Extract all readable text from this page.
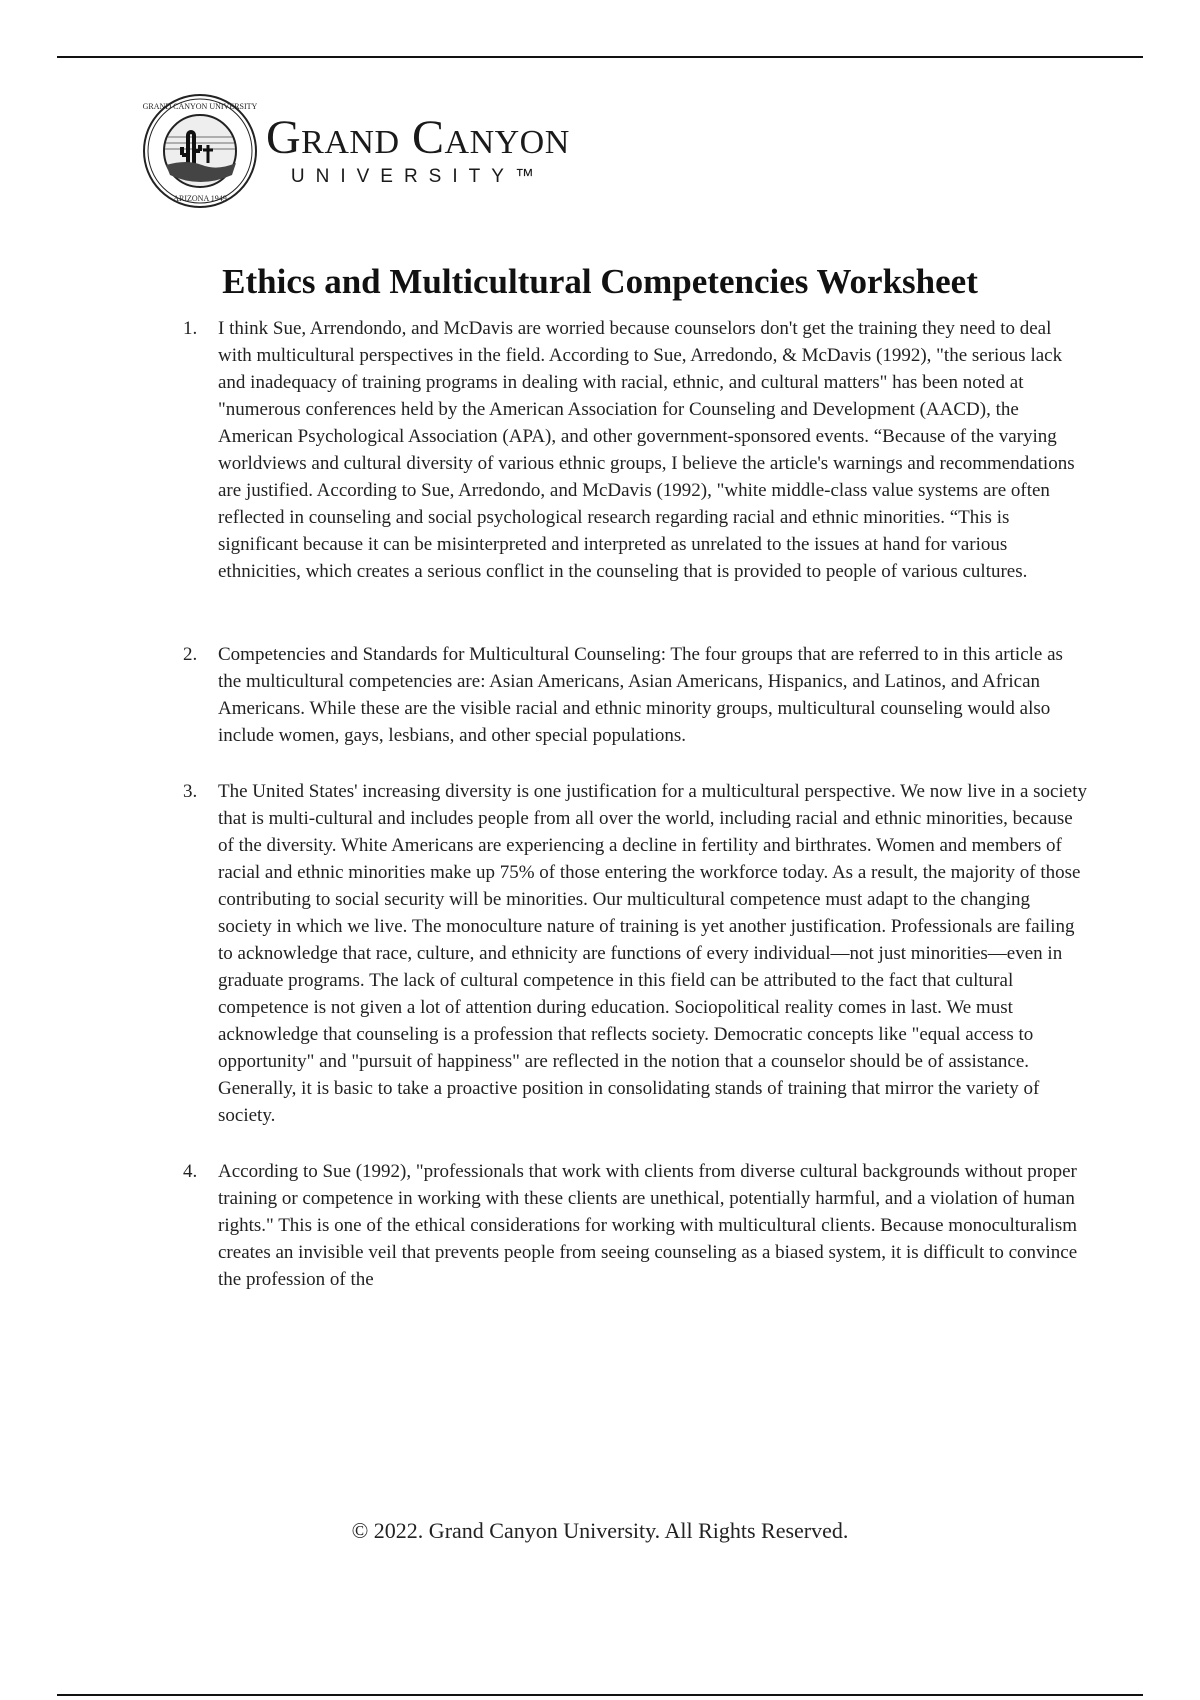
GRAND CANYON UNIVERSITY
ARIZONA 1949
Grand Canyon
UNIVERSITY™
Ethics and Multicultural Competencies Worksheet
1.	I think Sue, Arrendondo, and McDavis are worried because counselors don't get the training they need to deal with multicultural perspectives in the field. According to Sue, Arredondo, & McDavis (1992), "the serious lack and inadequacy of training programs in dealing with racial, ethnic, and cultural matters" has been noted at "numerous conferences held by the American Association for Counseling and Development (AACD), the American Psychological Association (APA), and other government-sponsored events. “Because of the varying worldviews and cultural diversity of various ethnic groups, I believe the article's warnings and recommendations are justified. According to Sue, Arredondo, and McDavis (1992), "white middle-class value systems are often reflected in counseling and social psychological research regarding racial and ethnic minorities. “This is significant because it can be misinterpreted and interpreted as unrelated to the issues at hand for various ethnicities, which creates a serious conflict in the counseling that is provided to people of various cultures.
2.	Competencies and Standards for Multicultural Counseling: The four groups that are referred to in this article as the multicultural competencies are: Asian Americans, Asian Americans, Hispanics, and Latinos, and African Americans. While these are the visible racial and ethnic minority groups, multicultural counseling would also include women, gays, lesbians, and other special populations.
3.	The United States' increasing diversity is one justification for a multicultural perspective. We now live in a society that is multi-cultural and includes people from all over the world, including racial and ethnic minorities, because of the diversity. White Americans are experiencing a decline in fertility and birthrates. Women and members of racial and ethnic minorities make up 75% of those entering the workforce today. As a result, the majority of those contributing to social security will be minorities. Our multicultural competence must adapt to the changing society in which we live. The monoculture nature of training is yet another justification. Professionals are failing to acknowledge that race, culture, and ethnicity are functions of every individual—not just minorities—even in graduate programs. The lack of cultural competence in this field can be attributed to the fact that cultural competence is not given a lot of attention during education. Sociopolitical reality comes in last. We must acknowledge that counseling is a profession that reflects society. Democratic concepts like "equal access to opportunity" and "pursuit of happiness" are reflected in the notion that a counselor should be of assistance. Generally, it is basic to take a proactive position in consolidating stands of training that mirror the variety of society.
4.	According to Sue (1992), "professionals that work with clients from diverse cultural backgrounds without proper training or competence in working with these clients are unethical, potentially harmful, and a violation of human rights." This is one of the ethical considerations for working with multicultural clients. Because monoculturalism creates an invisible veil that prevents people from seeing counseling as a biased system, it is difficult to convince the profession of the
© 2022. Grand Canyon University. All Rights Reserved.
